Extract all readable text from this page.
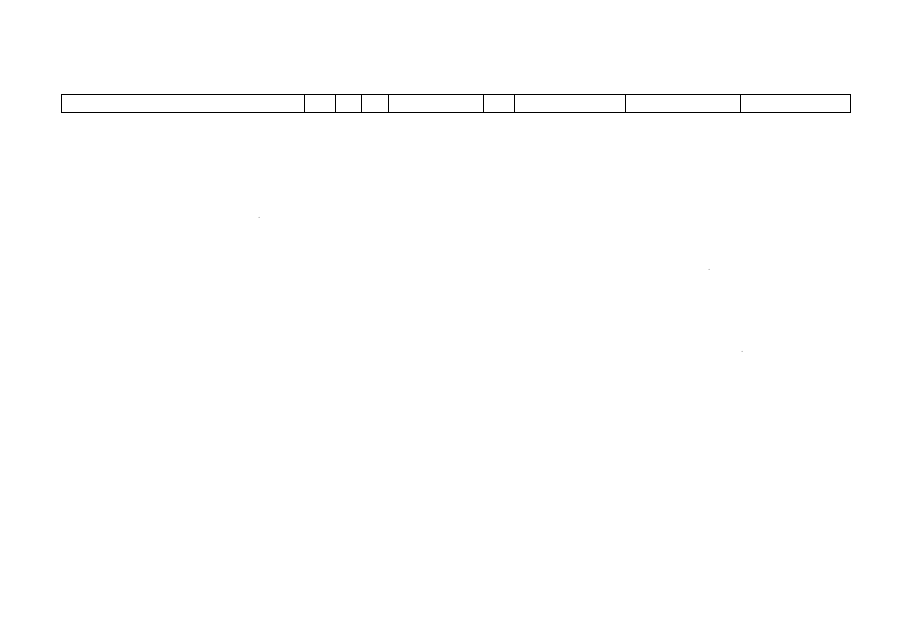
.
.
.
